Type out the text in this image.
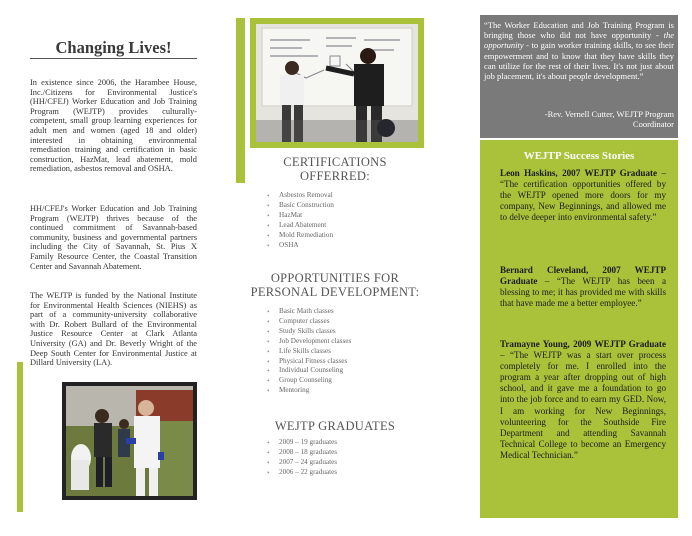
Changing Lives!

In existence since 2006, the Harambee House, Inc./Citizens for Environmental Justice's (HH/CFEJ) Worker Education and Job Training Program (WEJTP) provides culturally-competent, small group learning experiences for adult men and women (aged 18 and older) interested in obtaining environmental remediation training and certification in basic construction, HazMat, lead abatement, mold remediation, asbestos removal and OSHA.

HH/CFEJ's Worker Education and Job Training Program (WEJTP) thrives because of the continued commitment of Savannah-based community, business and governmental partners including the City of Savannah, St. Pius X Family Resource Center, the Coastal Transition Center and Savannah Abatement.

The WEJTP is funded by the National Institute for Environmental Health Sciences (NIEHS) as part of a community-university collaborative with Dr. Robert Bullard of the Environmental Justice Resource Center at Clark Atlanta University (GA) and Dr. Beverly Wright of the Deep South Center for Environmental Justice at Dillard University (LA).

CERTIFICATIONS
OFFERRED:
• Asbestos Removal
• Basic Construction
• HazMat
• Lead Abatement
• Mold Remediation
• OSHA
OPPORTUNITIES FOR
PERSONAL DEVELOPMENT:
• Basic Math classes
• Computer classes
• Study Skills classes
• Job Development classes
• Life Skills classes
• Physical Fitness classes
• Individual Counseling
• Group Counseling
• Mentoring
WEJTP GRADUATES
• 2009 – 19 graduates
• 2008 – 18 graduates
• 2007 – 24 graduates
• 2006 – 22 graduates

“The Worker Education and Job Training Program is bringing those who did not have opportunity - the opportunity - to gain worker training skills, to see their empowerment and to know that they have skills they can utilize for the rest of their lives. It's not just about job placement, it's about people development.”

-Rev. Vernell Cutter, WEJTP Program
Coordinator
WEJTP Success Stories

Leon Haskins, 2007 WEJTP Graduate – “The certification opportunities offered by the WEJTP opened more doors for my company, New Beginnings, and allowed me to delve deeper into environmental safety.”

Bernard Cleveland, 2007 WEJTP Graduate – “The WEJTP has been a blessing to me; it has provided me with skills that have made me a better employee.”

Tramayne Young, 2009 WEJTP Graduate – “The WEJTP was a start over process completely for me. I enrolled into the program a year after dropping out of high school, and it gave me a foundation to go into the job force and to earn my GED. Now, I am working for New Beginnings, volunteering for the Southside Fire Department and attending Savannah Technical College to become an Emergency Medical Technician.”
